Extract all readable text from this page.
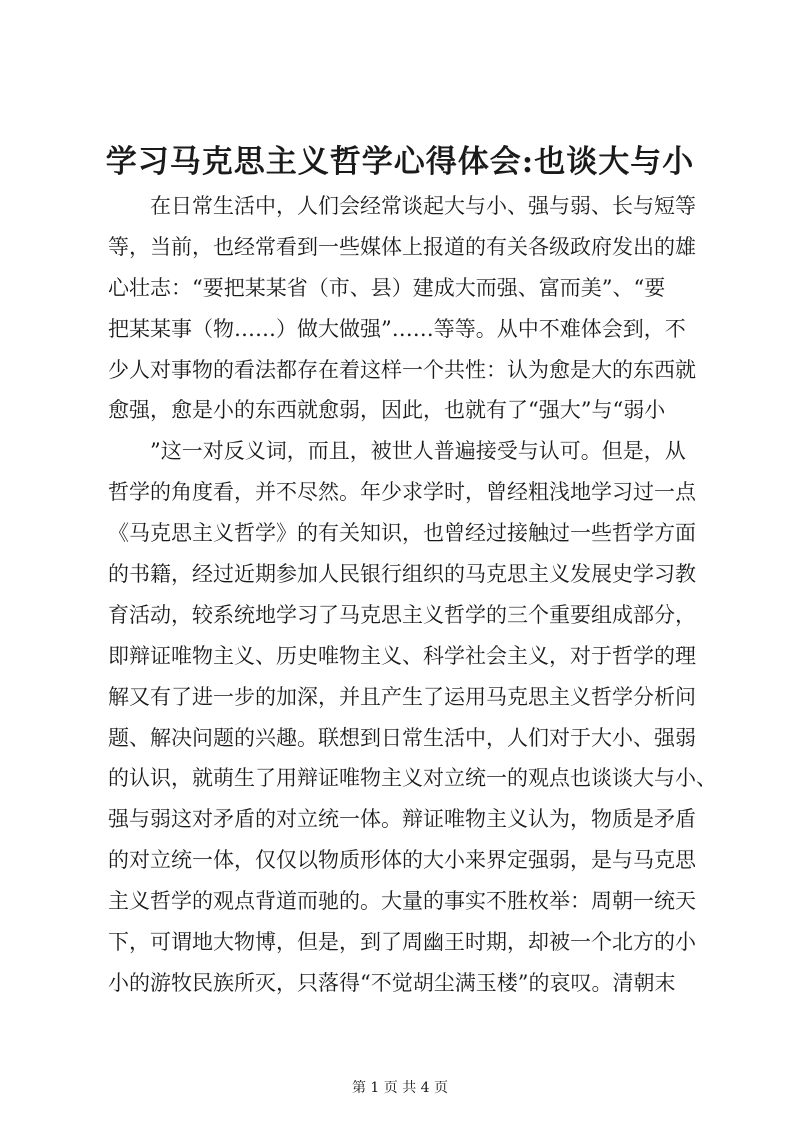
学习马克思主义哲学心得体会:也谈大与小
在日常生活中，人们会经常谈起大与小、强与弱、长与短等
等，当前，也经常看到一些媒体上报道的有关各级政府发出的雄
心壮志：“要把某某省（市、县）建成大而强、富而美”、“要
把某某事（物……）做大做强”……等等。从中不难体会到，不
少人对事物的看法都存在着这样一个共性：认为愈是大的东西就
愈强，愈是小的东西就愈弱，因此，也就有了“强大”与“弱小
”这一对反义词，而且，被世人普遍接受与认可。但是，从
哲学的角度看，并不尽然。年少求学时，曾经粗浅地学习过一点
《马克思主义哲学》的有关知识，也曾经过接触过一些哲学方面
的书籍，经过近期参加人民银行组织的马克思主义发展史学习教
育活动，较系统地学习了马克思主义哲学的三个重要组成部分，
即辩证唯物主义、历史唯物主义、科学社会主义，对于哲学的理
解又有了进一步的加深，并且产生了运用马克思主义哲学分析问
题、解决问题的兴趣。联想到日常生活中，人们对于大小、强弱
的认识，就萌生了用辩证唯物主义对立统一的观点也谈谈大与小、
强与弱这对矛盾的对立统一体。辩证唯物主义认为，物质是矛盾
的对立统一体，仅仅以物质形体的大小来界定强弱，是与马克思
主义哲学的观点背道而驰的。大量的事实不胜枚举：周朝一统天
下，可谓地大物博，但是，到了周幽王时期，却被一个北方的小
小的游牧民族所灭，只落得“不觉胡尘满玉楼”的哀叹。清朝末
第 1 页 共 4 页
